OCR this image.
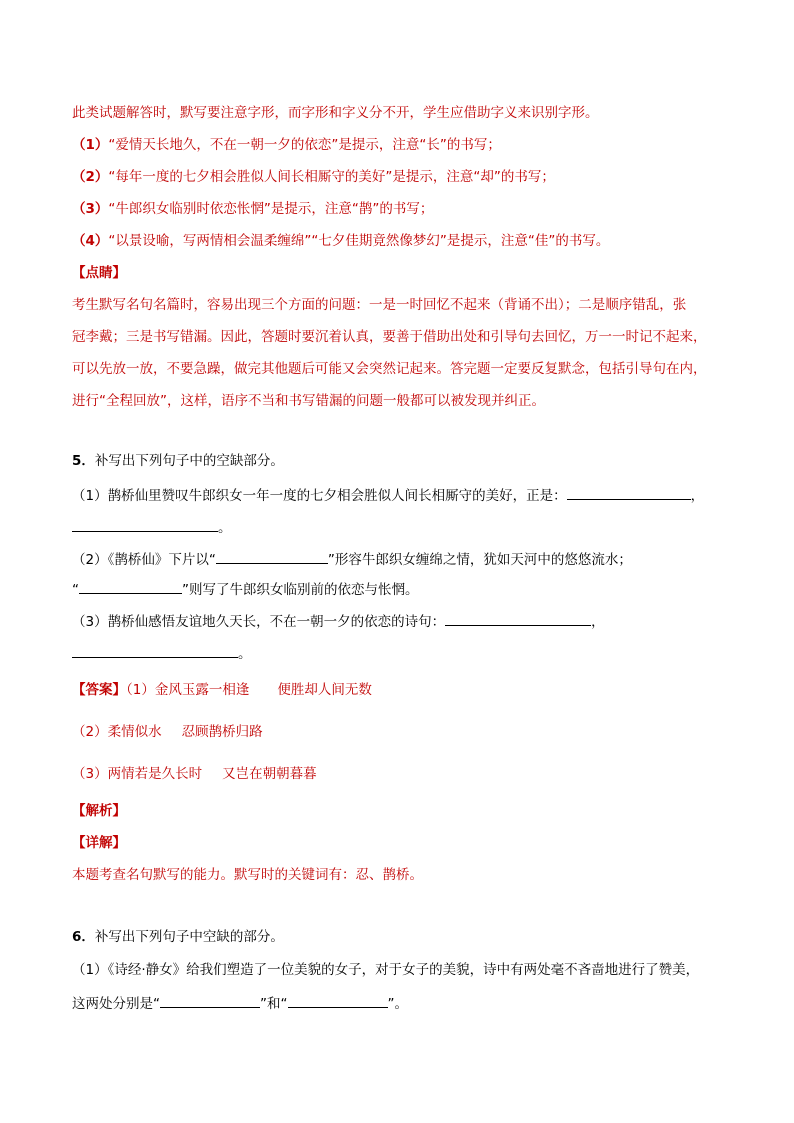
此类试题解答时，默写要注意字形，而字形和字义分不开，学生应借助字义来识别字形。
（1）“爱情天长地久，不在一朝一夕的依恋”是提示，注意“长”的书写；
（2）“每年一度的七夕相会胜似人间长相厮守的美好”是提示，注意“却”的书写；
（3）“牛郎织女临别时依恋怅惘”是提示，注意“鹊”的书写；
（4）“以景设喻，写两情相会温柔缠绵”“七夕佳期竟然像梦幻”是提示，注意“佳”的书写。
【点睛】
考生默写名句名篇时，容易出现三个方面的问题：一是一时回忆不起来（背诵不出）；二是顺序错乱，张
冠李戴；三是书写错漏。因此，答题时要沉着认真，要善于借助出处和引导句去回忆，万一一时记不起来，
可以先放一放，不要急躁，做完其他题后可能又会突然记起来。答完题一定要反复默念，包括引导句在内，
进行“全程回放”，这样，语序不当和书写错漏的问题一般都可以被发现并纠正。
5．补写出下列句子中的空缺部分。
（1）鹊桥仙里赞叹牛郎织女一年一度的七夕相会胜似人间长相厮守的美好，正是：	，
。
（2）《鹊桥仙》下片以“	”形容牛郎织女缠绵之情，犹如天河中的悠悠流水；
“	”则写了牛郎织女临别前的依恋与怅惘。
（3）鹊桥仙感悟友谊地久天长，不在一朝一夕的依恋的诗句：	，
。
【答案】（1）金风玉露一相逢 便胜却人间无数
（2）柔情似水 忍顾鹊桥归路
（3）两情若是久长时 又岂在朝朝暮暮
【解析】
【详解】
本题考查名句默写的能力。默写时的关键词有：忍、鹊桥。
6．补写出下列句子中空缺的部分。
（1）《诗经·静女》给我们塑造了一位美貌的女子，对于女子的美貌，诗中有两处毫不吝啬地进行了赞美，
这两处分别是“	”和“	”。
